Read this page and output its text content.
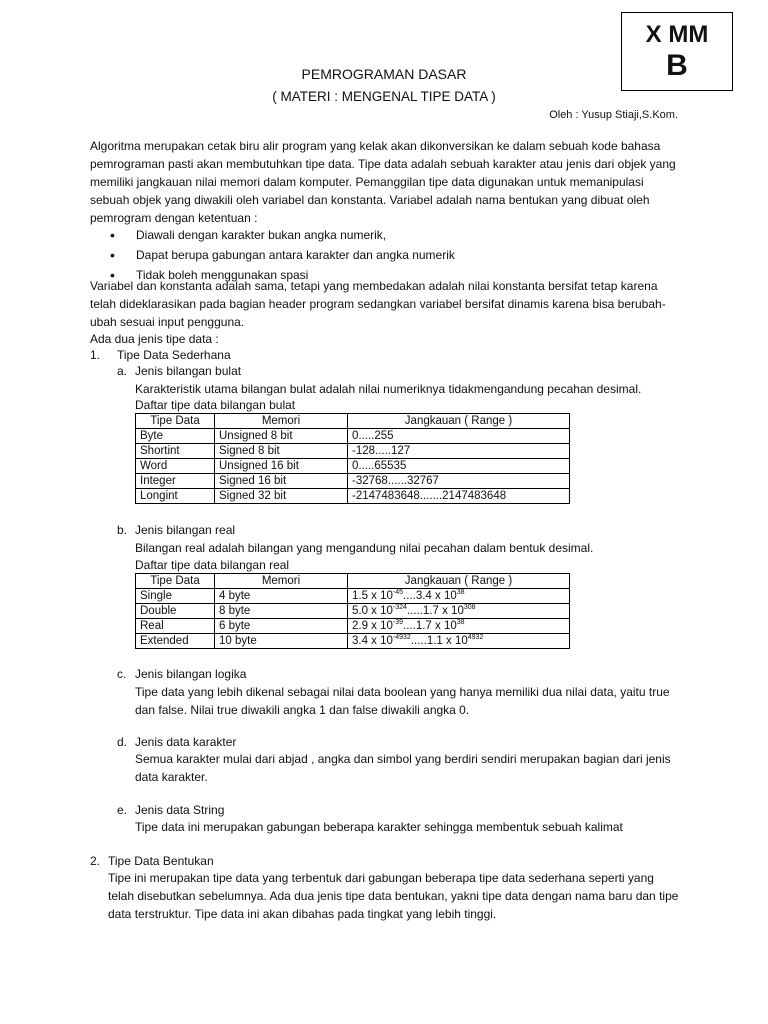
X MM
B
PEMROGRAMAN DASAR
( MATERI : MENGENAL TIPE DATA )
Oleh : Yusup Stiaji,S.Kom.
Algoritma merupakan cetak biru alir program yang kelak akan dikonversikan ke dalam sebuah kode bahasa pemrograman pasti akan membutuhkan tipe data. Tipe data adalah sebuah karakter atau jenis dari objek yang memiliki jangkauan nilai memori dalam komputer. Pemanggilan tipe data digunakan untuk memanipulasi sebuah objek yang diwakili oleh variabel dan konstanta. Variabel adalah nama bentukan yang dibuat oleh pemrogram dengan ketentuan :
• Diawali dengan karakter bukan angka numerik,
• Dapat berupa gabungan antara karakter dan angka numerik
• Tidak boleh menggunakan spasi
Variabel dan konstanta adalah sama, tetapi yang membedakan adalah nilai konstanta bersifat tetap karena telah dideklarasikan pada bagian header program sedangkan variabel bersifat dinamis karena bisa berubah-ubah sesuai input pengguna.
Ada dua jenis tipe data :
1. Tipe Data Sederhana
a. Jenis bilangan bulat
Karakteristik utama bilangan bulat adalah nilai numeriknya tidakmengandung pecahan desimal.
Daftar tipe data bilangan bulat
Tipe Data	Memori	Jangkauan ( Range )
Byte	Unsigned 8 bit	0.....255
Shortint	Signed 8 bit	-128.....127
Word	Unsigned 16 bit	0.....65535
Integer	Signed 16 bit	-32768......32767
Longint	Signed 32 bit	-2147483648.......2147483648
b. Jenis bilangan real
Bilangan real adalah bilangan yang mengandung nilai pecahan dalam bentuk desimal.
Daftar tipe data bilangan real
Tipe Data	Memori	Jangkauan ( Range )
Single	4 byte	1.5 x $10^{-45}....3.4$ x $10^{38}$
Double	8 byte	5.0 x $10^{-324}.....1.7$ x $10^{308}$
Real	6 byte	2.9 x $10^{-39}....1.7$ x $10^{38}$
Extended	10 byte	3.4 x $10^{-4932}.....1.1$ x $10^{4932}$
c. Jenis bilangan logika
Tipe data yang lebih dikenal sebagai nilai data boolean yang hanya memiliki dua nilai data, yaitu true dan false. Nilai true diwakili angka 1 dan false diwakili angka 0.
d. Jenis data karakter
Semua karakter mulai dari abjad , angka dan simbol yang berdiri sendiri merupakan bagian dari jenis data karakter.
e. Jenis data String
Tipe data ini merupakan gabungan beberapa karakter sehingga membentuk sebuah kalimat
2. Tipe Data Bentukan
Tipe ini merupakan tipe data yang terbentuk dari gabungan beberapa tipe data sederhana seperti yang telah disebutkan sebelumnya. Ada dua jenis tipe data bentukan, yakni tipe data dengan nama baru dan tipe data terstruktur. Tipe data ini akan dibahas pada tingkat yang lebih tinggi.
